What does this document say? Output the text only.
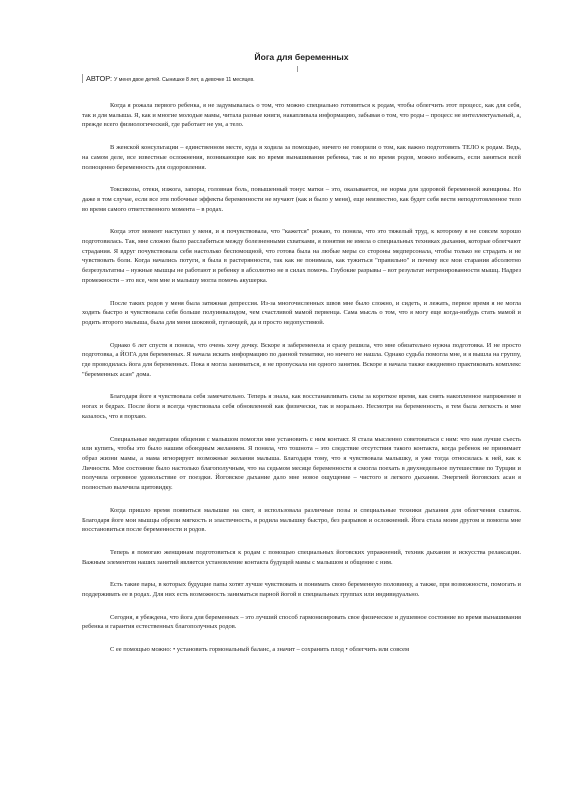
Йога для беременных
АВТОР: У меня двое детей. Сынишке 8 лет, а девочке 11 месяцев.

Когда я рожала первого ребенка, я не задумывалась о том, что можно специально готовиться к родам, чтобы облегчить этот процесс, как для себя, так и для малыша. Я, как и многие молодые мамы, читала разные книги, накапливала информацию, забывая о том, что роды – процесс не интеллектуальный, а, прежде всего физиологический, где работает не ум, а тело.

В женской консультации – единственном месте, куда я ходила за помощью, ничего не говорили о том, как важно подготовить ТЕЛО к родам. Ведь, на самом деле, все известные осложнения, возникающие как во время вынашивания ребенка, так и во время родов, можно избежать, если заняться всей полноценно беременность для оздоровления.

Токсикозы, отеки, изжога, запоры, головная боль, повышенный тонус матки – это, оказывается, не норма для здоровой беременной женщины. Но даже в том случае, если все эти побочные эффекты беременности не мучают (как и было у меня), еще неизвестно, как будет себя вести неподготовленное тело во время самого ответственного момента – в родах.

Когда этот момент наступил у меня, и я почувствовала, что "кажется" рожаю, то поняла, что это тяжелый труд, к которому я не совсем хорошо подготовилась. Так, мне сложно было расслабиться между болезненными схватками, я понятия не имела о специальных техниках дыхания, которые облегчают страдания. Я вдруг почувствовала себя настолько беспомощной, что готова была на любые меры со стороны медперсонала, чтобы только не страдать и не чувствовать боли. Когда начались потуги, я была в растерянности, так как не понимала, как тужиться "правильно" и почему все мои старания абсолютно безрезультатны – нужные мышцы не работают и ребенку в абсолютно не в силах помочь. Глубокие разрывы – вот результат нетренированности мышц. Надрез промежности – это все, чем мне и малышу могла помочь акушерка.

После таких родов у меня была затяжная депрессия. Из-за многочисленных швов мне было сложно, и сидеть, и лежать, первое время я не могла ходить быстро и чувствовала себя больше полуинвалидом, чем счастливой мамой первенца. Сама мысль о том, что я могу еще когда-нибудь стать мамой и родить второго малыша, была для меня шоковой, пугающей, да и просто недопустимой.

Однако 6 лет спустя я поняла, что очень хочу дочку. Вскоре я забеременела и сразу решила, что мне обязательно нужна подготовка. И не просто подготовка, а ЙОГА для беременных. Я начала искать информацию по данной тематике, но ничего не нашла. Однако судьба помогла мне, и я вышла на группу, где проводилась йога для беременных. Пока я могла заниматься, я не пропускала ни одного занятия. Вскоре я начала также ежедневно практиковать комплекс "беременных асан" дома.

Благодаря йоге я чувствовала себя замечательно. Теперь я знала, как восстанавливать силы за короткое время, как снять накопленное напряжение в ногах и бедрах. После йоги я всегда чувствовала себя обновленной как физически, так и морально. Несмотря на беременность, я тем была легкость и мне казалось, что я порхаю.

Специальные медитации общения с малышом помогли мне установить с ним контакт. Я стала мысленно советоваться с ним: что нам лучше съесть или купить, чтобы это было нашим обоюдным желанием. Я поняла, что тошнота – это следствие отсутствия такого контакта, когда ребенок не принимает образ жизни мамы, а мама игнорирует возможные желания малыша. Благодаря тому, что я чувствовала малышку, я уже тогда относилась к ней, как к Личности. Мое состояние было настолько благополучным, что на седьмом месяце беременности я смогла поехать в двухнедельное путешествие по Турции и получила огромное удовольствие от поездки. Йоговское дыхание дало мне новое ощущение – чистого и легкого дыхания. Энергией йоговских асан я полностью вылечила щитовидку.

Когда пришло время появиться малышке на свет, я использовала различные позы и специальные техники дыхания для облегчения схваток. Благодаря йоге мои мышцы обрели мягкость и эластичность, я родила малышку быстро, без разрывов и осложнений. Йога стала моим другом и помогла мне восстановиться после беременности и родов.

Теперь я помогаю женщинам подготовиться к родам с помощью специальных йоговских упражнений, техник дыхания и искусства релаксации. Важным элементом наших занятий является установление контакта будущей мамы с малышом и общение с ним.

Есть такие пары, в которых будущие папы хотят лучше чувствовать и понимать свою беременную половинку, а также, при возможности, помогать и поддерживать ее в родах. Для них есть возможность заниматься парной йогой в специальных группах или индивидуально.

Сегодня, я убеждена, что йога для беременных – это лучший способ гармонизировать свое физическое и душевное состояние во время вынашивания ребенка и гарантия естественных благополучных родов.

С ее помощью можно: • установить гормональный баланс, а значит – сохранить плод • облегчить или совсем
